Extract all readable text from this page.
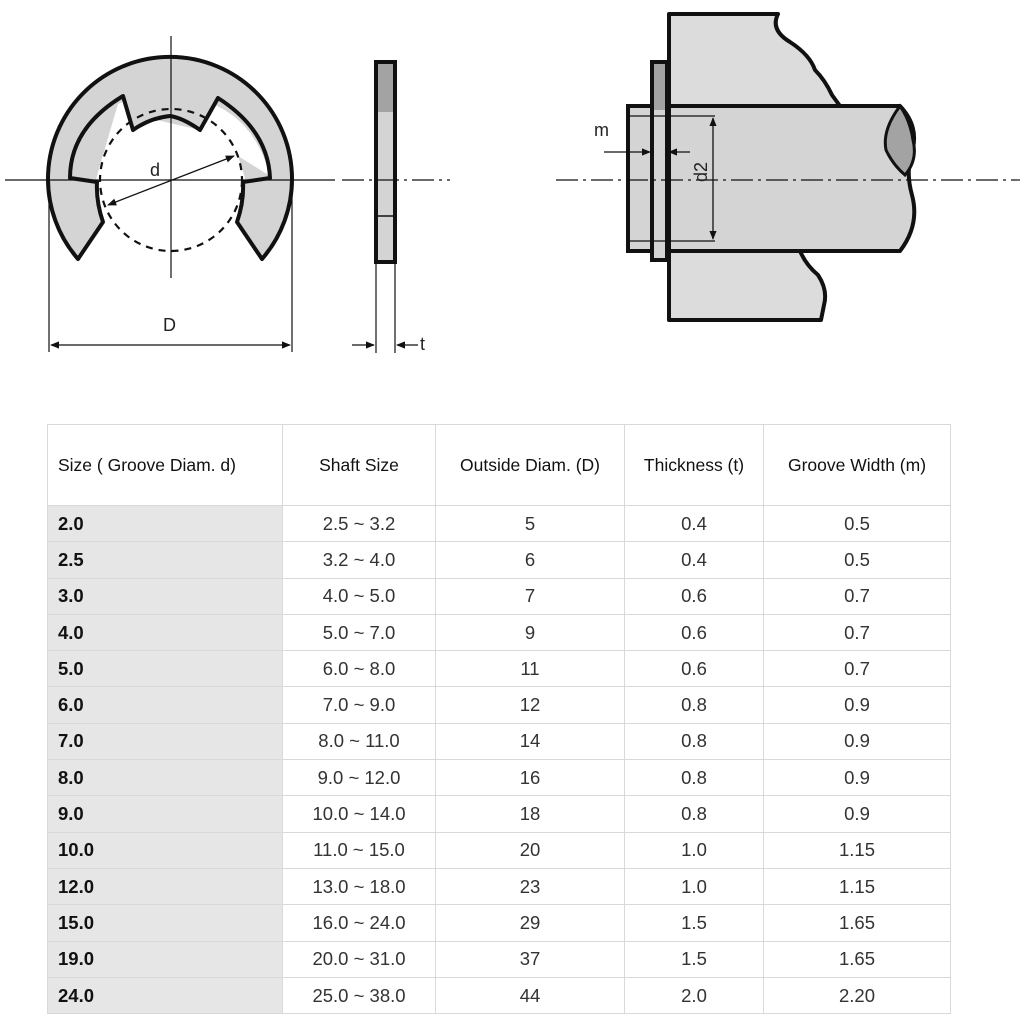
d
D
t
d2
m
Size ( Groove Diam. d)	Shaft Size	Outside Diam. (D)	Thickness (t)	Groove Width (m)
2.0	2.5 ~ 3.2	5	0.4	0.5
2.5	3.2 ~ 4.0	6	0.4	0.5
3.0	4.0 ~ 5.0	7	0.6	0.7
4.0	5.0 ~ 7.0	9	0.6	0.7
5.0	6.0 ~ 8.0	11	0.6	0.7
6.0	7.0 ~ 9.0	12	0.8	0.9
7.0	8.0 ~ 11.0	14	0.8	0.9
8.0	9.0 ~ 12.0	16	0.8	0.9
9.0	10.0 ~ 14.0	18	0.8	0.9
10.0	11.0 ~ 15.0	20	1.0	1.15
12.0	13.0 ~ 18.0	23	1.0	1.15
15.0	16.0 ~ 24.0	29	1.5	1.65
19.0	20.0 ~ 31.0	37	1.5	1.65
24.0	25.0 ~ 38.0	44	2.0	2.20
